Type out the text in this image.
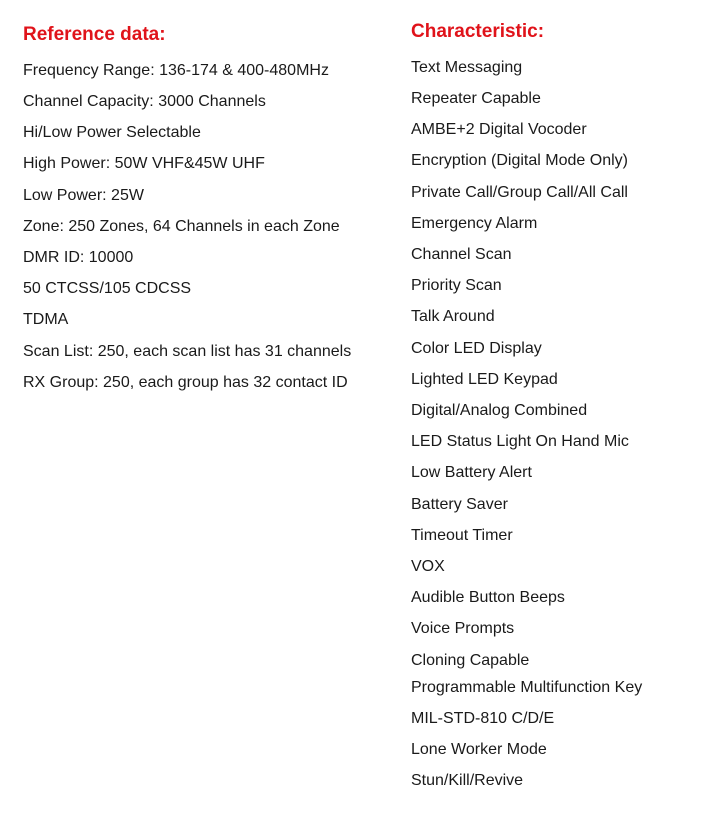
Reference data:
Frequency Range: 136-174 & 400-480MHz
Channel Capacity: 3000 Channels
Hi/Low Power Selectable
High Power: 50W VHF&45W UHF
Low Power: 25W
Zone: 250 Zones, 64 Channels in each Zone
DMR ID: 10000
50 CTCSS/105 CDCSS
TDMA
Scan List: 250, each scan list has 31 channels
RX Group: 250, each group has 32 contact ID
Characteristic:
Text Messaging
Repeater Capable
AMBE+2 Digital Vocoder
Encryption (Digital Mode Only)
Private Call/Group Call/All Call
Emergency Alarm
Channel Scan
Priority Scan
Talk Around
Color LED Display
Lighted LED Keypad
Digital/Analog Combined
LED Status Light On Hand Mic
Low Battery Alert
Battery Saver
Timeout Timer
VOX
Audible Button Beeps
Voice Prompts
Cloning Capable
Programmable Multifunction Key
MIL-STD-810 C/D/E
Lone Worker Mode
Stun/Kill/Revive
